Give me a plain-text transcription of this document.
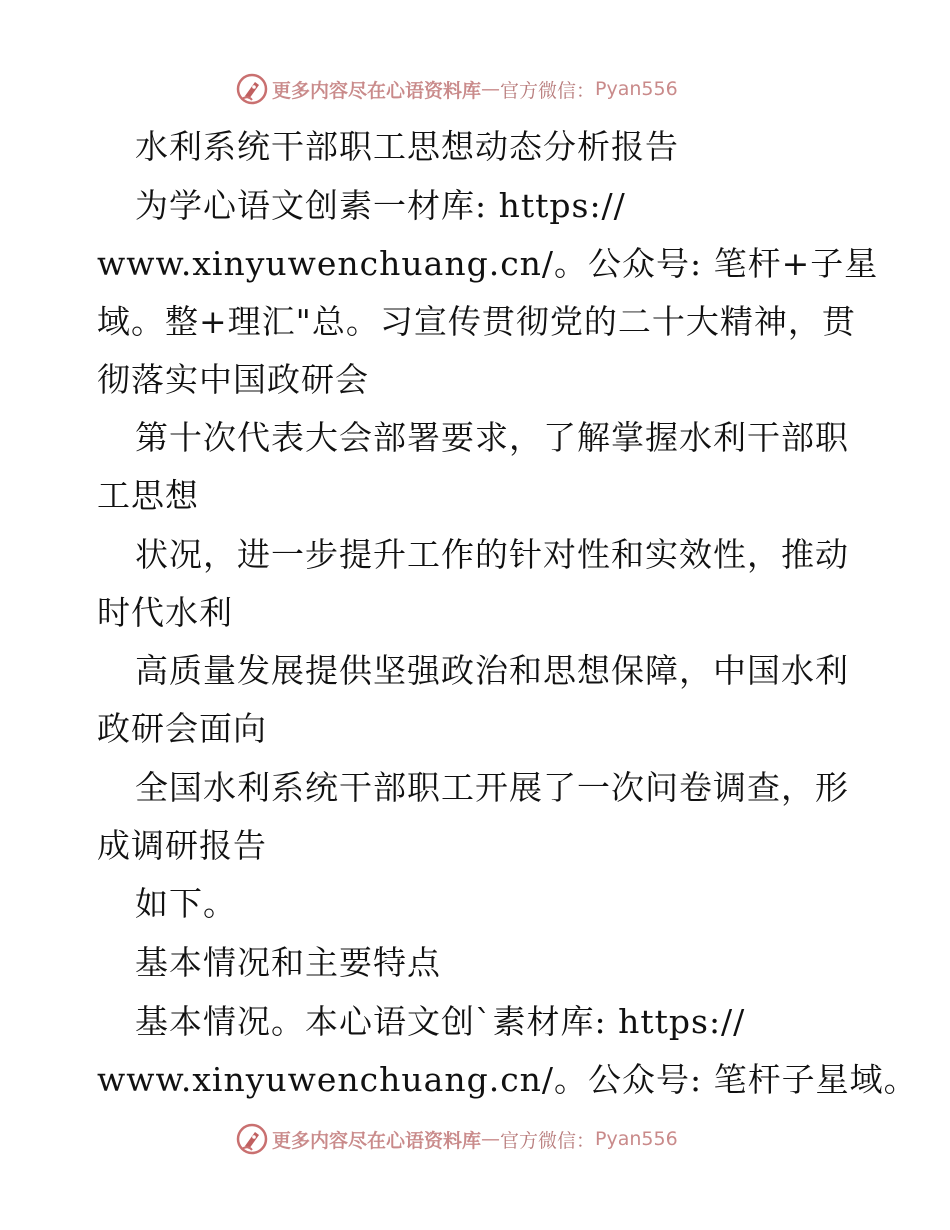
更多内容尽在心语资料库 — 官方微信： Pyan556
水利系统干部职工思想动态分析报告
为学心语文创素一材库: https://
www.xinyuwenchuang.cn/。公众号: 笔杆+子星
域。整+理汇"总。习宣传贯彻党的二十大精神，贯
彻落实中国政研会
第十次代表大会部署要求，了解掌握水利干部职
工思想
状况，进一步提升工作的针对性和实效性，推动
时代水利
高质量发展提供坚强政治和思想保障，中国水利
政研会面向
全国水利系统干部职工开展了一次问卷调查，形
成调研报告
如下。
基本情况和主要特点
基本情况。本心语文创`素材库: https://
www.xinyuwenchuang.cn/。公众号: 笔杆子星域。
更多内容尽在心语资料库 — 官方微信： Pyan556
